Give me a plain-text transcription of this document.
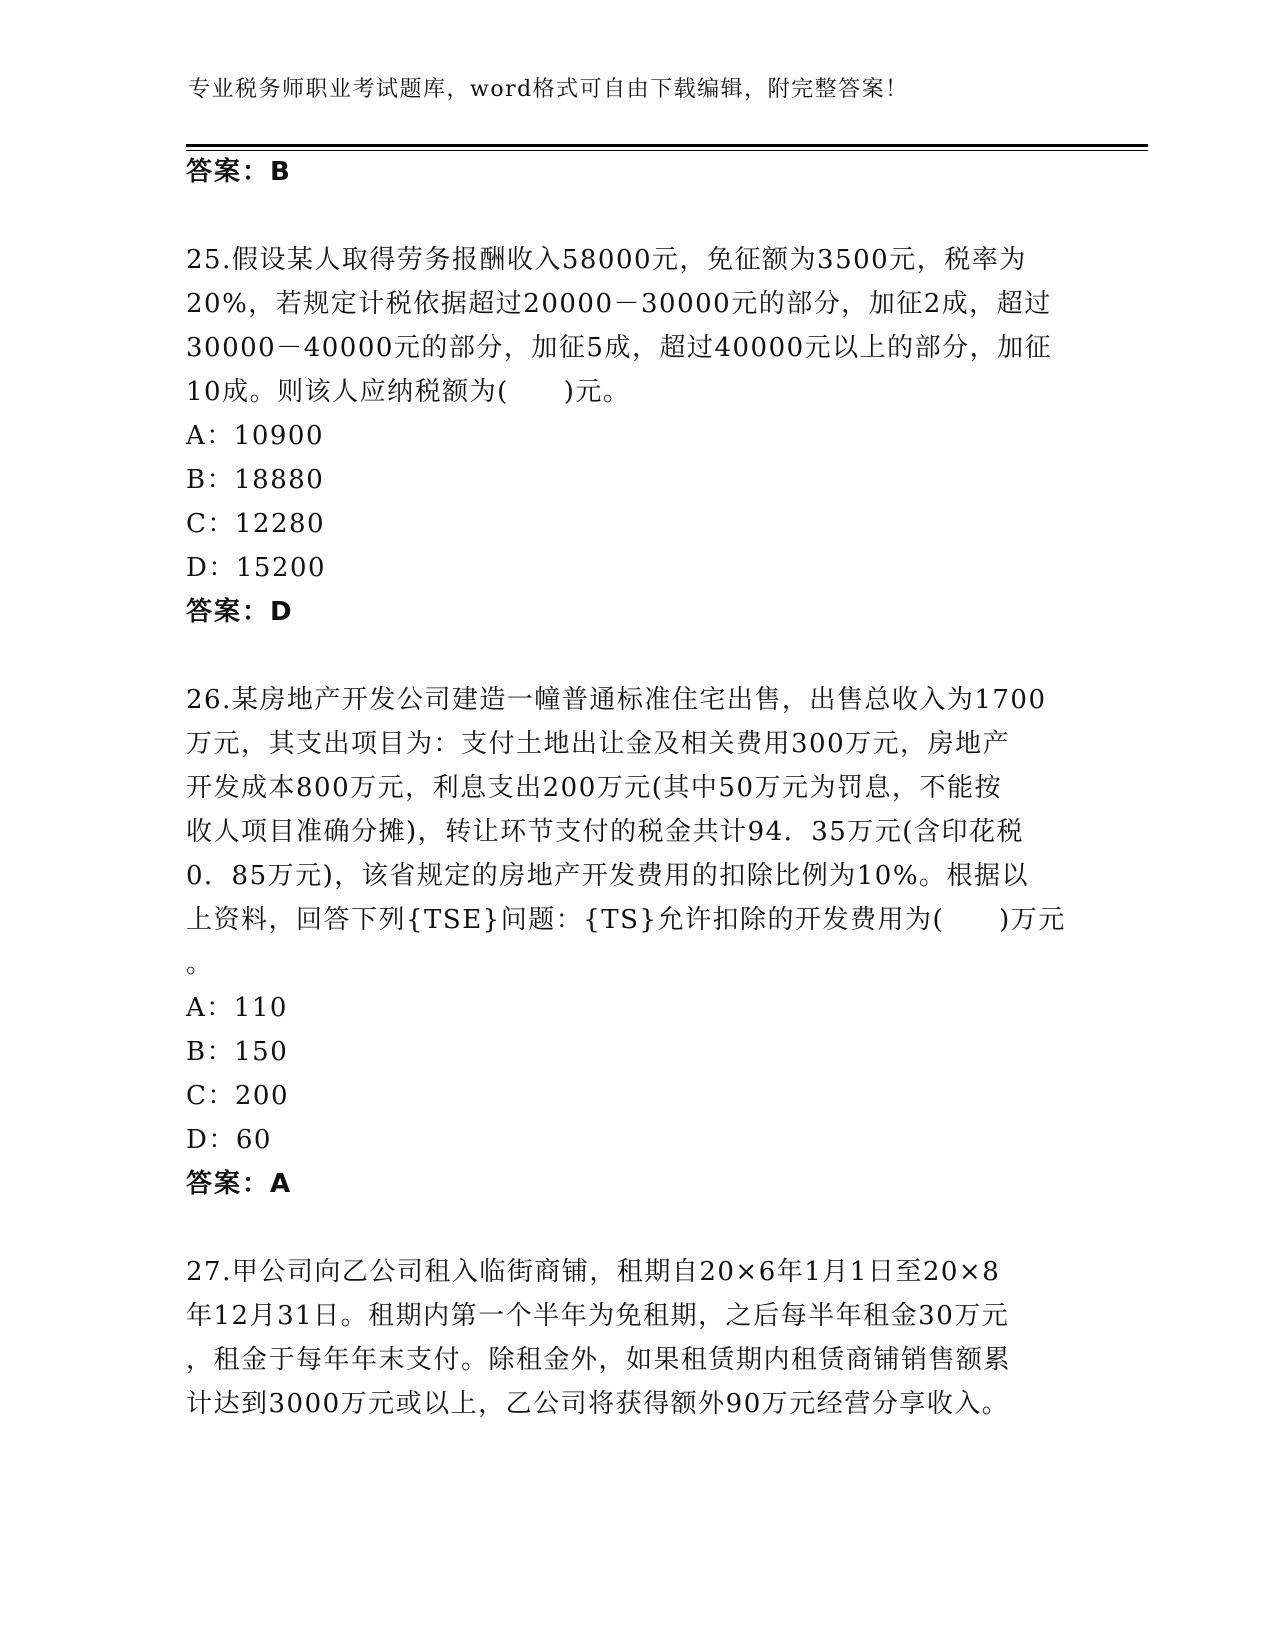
专业税务师职业考试题库，word格式可自由下载编辑，附完整答案！
答案：B
25.假设某人取得劳务报酬收入58000元，免征额为3500元，税率为
20%，若规定计税依据超过20000－30000元的部分，加征2成，超过
30000－40000元的部分，加征5成，超过40000元以上的部分，加征
10成。则该人应纳税额为(　　)元。
A：10900
B：18880
C：12280
D：15200
答案：D
26.某房地产开发公司建造一幢普通标准住宅出售，出售总收入为1700
万元，其支出项目为：支付土地出让金及相关费用300万元，房地产
开发成本800万元，利息支出200万元(其中50万元为罚息，不能按
收人项目准确分摊)，转让环节支付的税金共计94．35万元(含印花税
0．85万元)，该省规定的房地产开发费用的扣除比例为10%。根据以
上资料，回答下列{TSE}问题：{TS}允许扣除的开发费用为(　　)万元
。
A：110
B：150
C：200
D：60
答案：A
27.甲公司向乙公司租入临街商铺，租期自20×6年1月1日至20×8
年12月31日。租期内第一个半年为免租期，之后每半年租金30万元
，租金于每年年末支付。除租金外，如果租赁期内租赁商铺销售额累
计达到3000万元或以上，乙公司将获得额外90万元经营分享收入。
